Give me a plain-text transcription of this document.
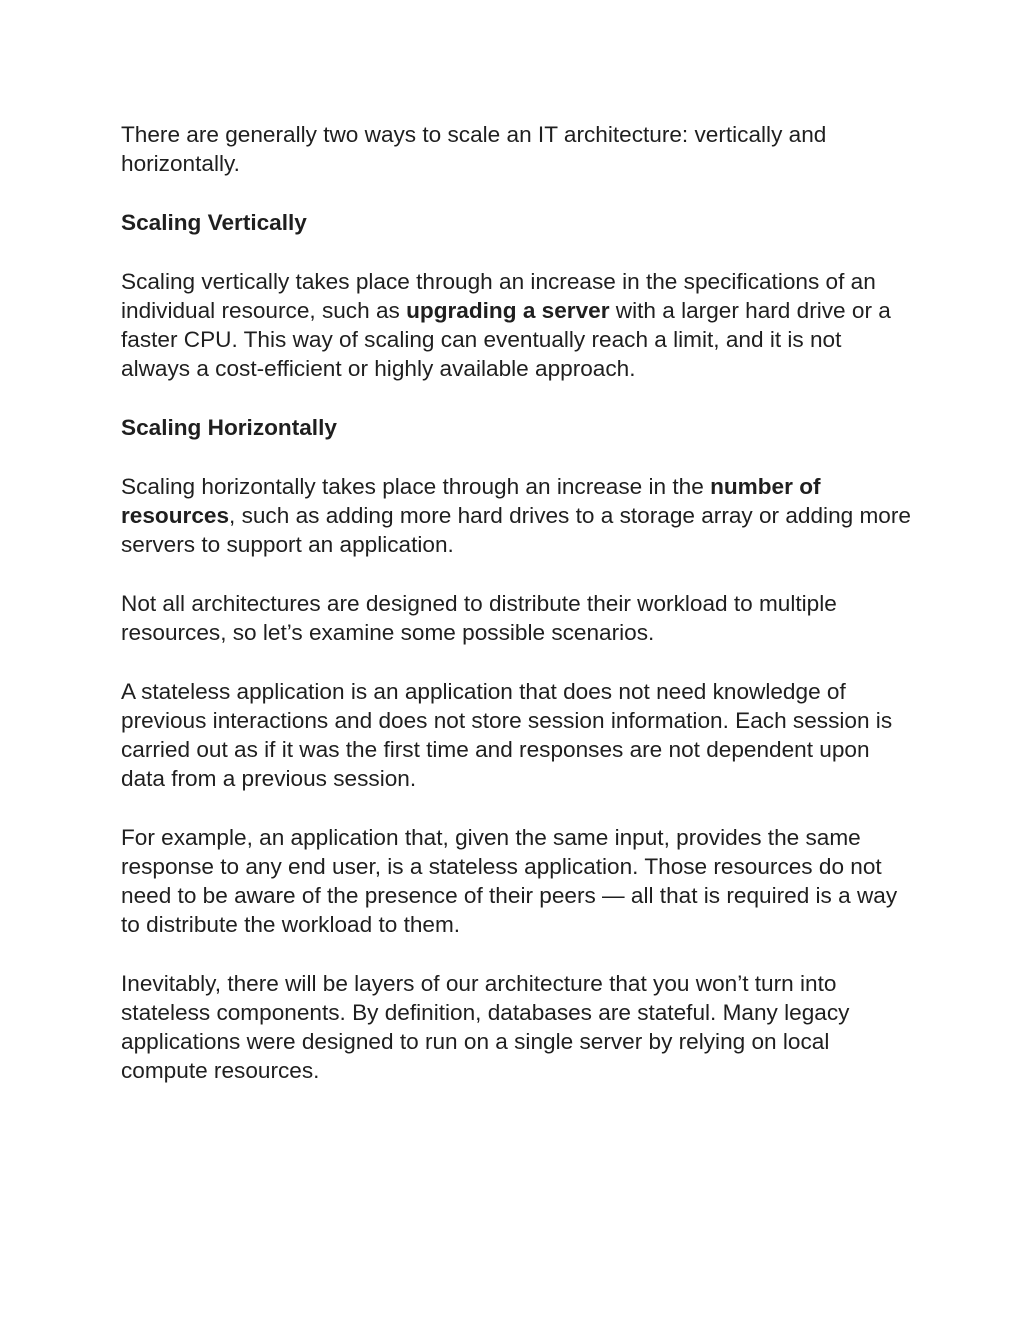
There are generally two ways to scale an IT architecture: vertically and horizontally.

Scaling Vertically

Scaling vertically takes place through an increase in the specifications of an individual resource, such as upgrading a server with a larger hard drive or a faster CPU. This way of scaling can eventually reach a limit, and it is not always a cost-efficient or highly available approach.

Scaling Horizontally

Scaling horizontally takes place through an increase in the number of resources, such as adding more hard drives to a storage array or adding more servers to support an application.

Not all architectures are designed to distribute their workload to multiple resources, so let’s examine some possible scenarios.

A stateless application is an application that does not need knowledge of previous interactions and does not store session information. Each session is carried out as if it was the first time and responses are not dependent upon data from a previous session.

For example, an application that, given the same input, provides the same response to any end user, is a stateless application. Those resources do not need to be aware of the presence of their peers — all that is required is a way to distribute the workload to them.

Inevitably, there will be layers of our architecture that you won’t turn into stateless components. By definition, databases are stateful. Many legacy applications were designed to run on a single server by relying on local compute resources.
